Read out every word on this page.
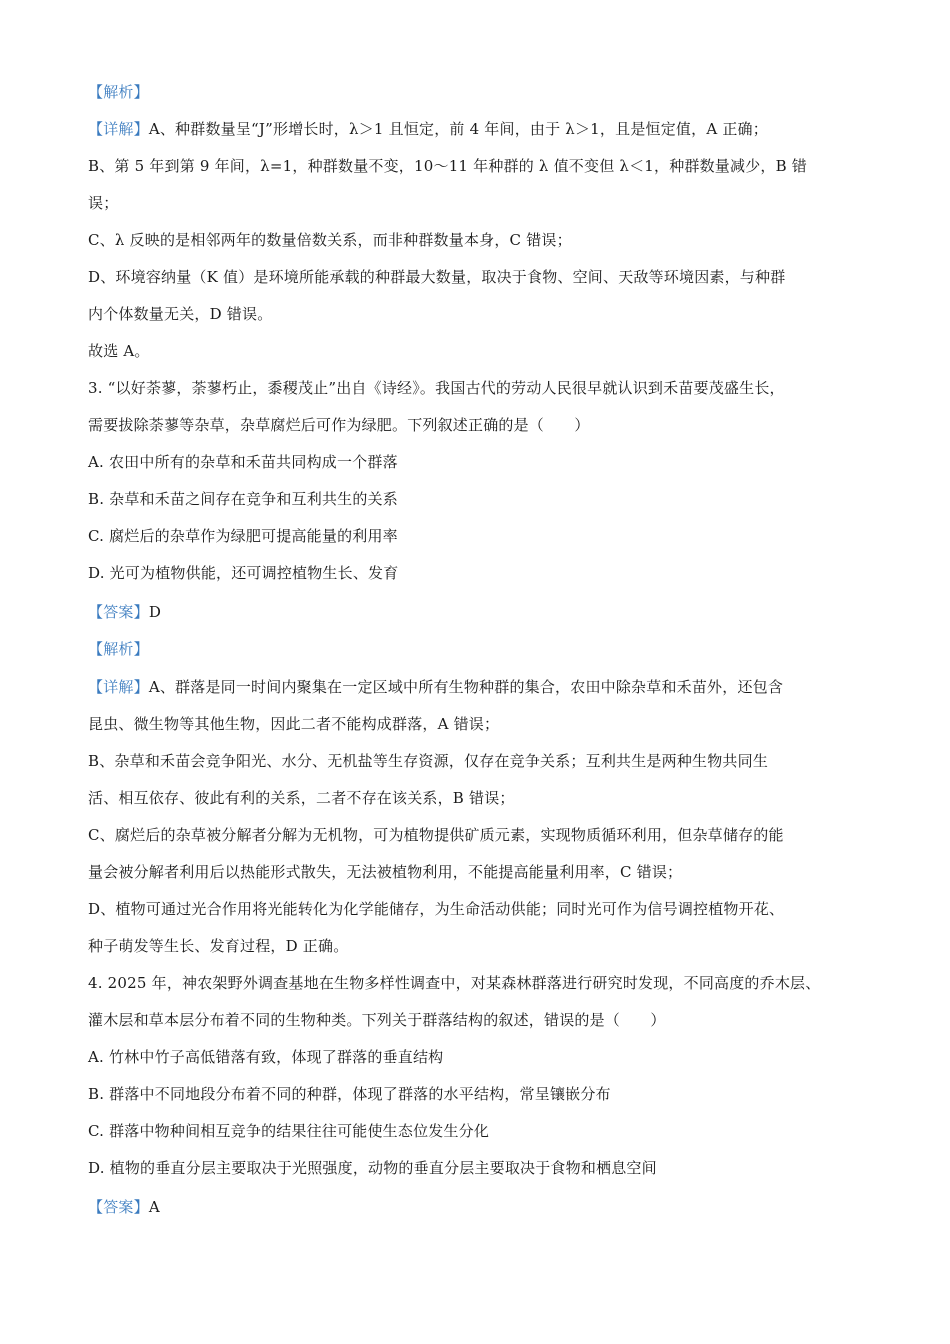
【解析】
【详解】A、种群数量呈“J”形增长时，λ＞1 且恒定，前 4 年间，由于 λ＞1，且是恒定值，A 正确；
B、第 5 年到第 9 年间，λ=1，种群数量不变，10～11 年种群的 λ 值不变但 λ＜1，种群数量减少，B 错
误；
C、λ 反映的是相邻两年的数量倍数关系，而非种群数量本身，C 错误；
D、环境容纳量（K 值）是环境所能承载的种群最大数量，取决于食物、空间、天敌等环境因素，与种群
内个体数量无关，D 错误。
故选 A。
3. “以好荼蓼，荼蓼朽止，黍稷茂止”出自《诗经》。我国古代的劳动人民很早就认识到禾苗要茂盛生长，
需要拔除荼蓼等杂草，杂草腐烂后可作为绿肥。下列叙述正确的是（　　）
A. 农田中所有的杂草和禾苗共同构成一个群落
B. 杂草和禾苗之间存在竞争和互利共生的关系
C. 腐烂后的杂草作为绿肥可提高能量的利用率
D. 光可为植物供能，还可调控植物生长、发育
【答案】D
【解析】
【详解】A、群落是同一时间内聚集在一定区域中所有生物种群的集合，农田中除杂草和禾苗外，还包含
昆虫、微生物等其他生物，因此二者不能构成群落，A 错误；
B、杂草和禾苗会竞争阳光、水分、无机盐等生存资源，仅存在竞争关系；互利共生是两种生物共同生
活、相互依存、彼此有利的关系，二者不存在该关系，B 错误；
C、腐烂后的杂草被分解者分解为无机物，可为植物提供矿质元素，实现物质循环利用，但杂草储存的能
量会被分解者利用后以热能形式散失，无法被植物利用，不能提高能量利用率，C 错误；
D、植物可通过光合作用将光能转化为化学能储存，为生命活动供能；同时光可作为信号调控植物开花、
种子萌发等生长、发育过程，D 正确。
4. 2025 年，神农架野外调查基地在生物多样性调查中，对某森林群落进行研究时发现，不同高度的乔木层、
灌木层和草本层分布着不同的生物种类。下列关于群落结构的叙述，错误的是（　　）
A. 竹林中竹子高低错落有致，体现了群落的垂直结构
B. 群落中不同地段分布着不同的种群，体现了群落的水平结构，常呈镶嵌分布
C. 群落中物种间相互竞争的结果往往可能使生态位发生分化
D. 植物的垂直分层主要取决于光照强度，动物的垂直分层主要取决于食物和栖息空间
【答案】A
